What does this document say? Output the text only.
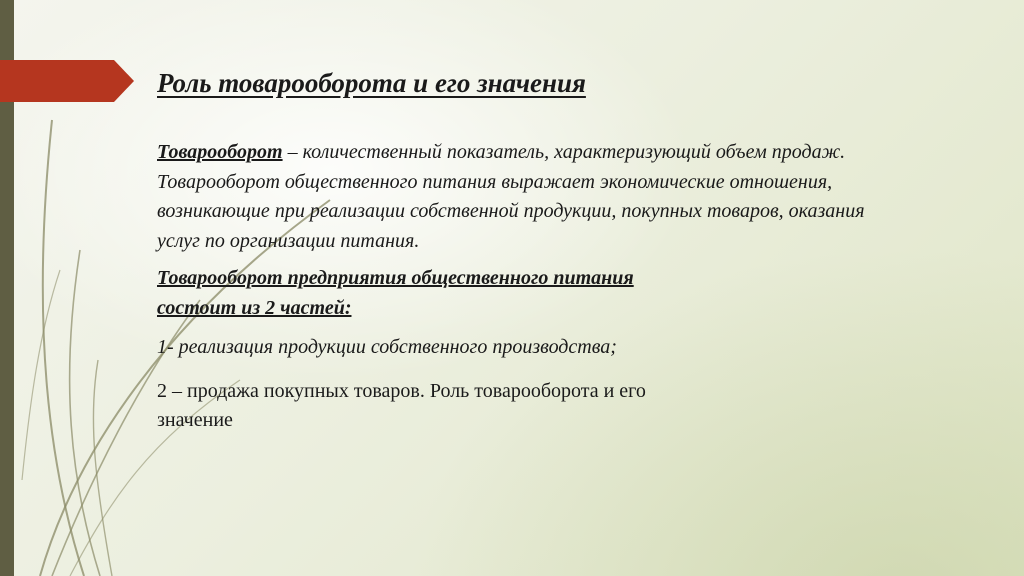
Роль товарооборота и его значения

Товарооборот – количественный показатель, характеризующий объем продаж.
Товарооборот общественного питания выражает экономические отношения,
возникающие при реализации собственной продукции, покупных товаров, оказания
услуг по организации питания.

Товарооборот предприятия общественного питания
состоит из 2 частей:

1- реализация продукции собственного производства;

2 – продажа покупных товаров. Роль товарооборота и его
значение
